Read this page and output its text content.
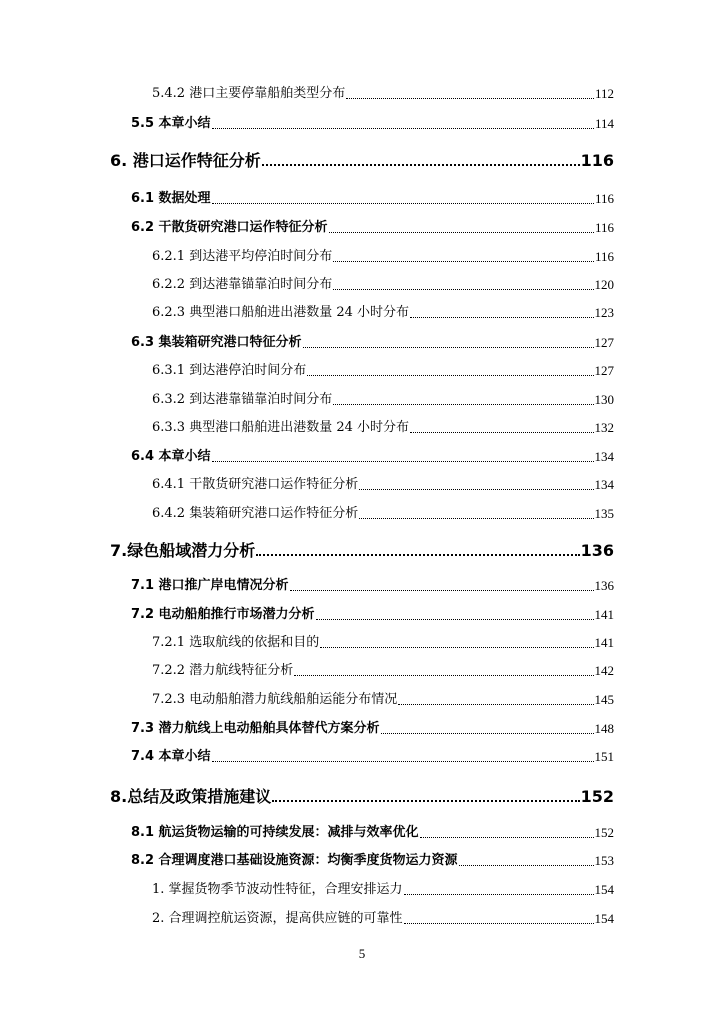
5.4.2 港口主要停靠船舶类型分布	112
5.5 本章小结	114
6. 港口运作特征分析	116
6.1 数据处理	116
6.2 干散货研究港口运作特征分析	116
6.2.1 到达港平均停泊时间分布	116
6.2.2 到达港靠锚靠泊时间分布	120
6.2.3 典型港口船舶进出港数量 24 小时分布	123
6.3 集装箱研究港口特征分析	127
6.3.1 到达港停泊时间分布	127
6.3.2 到达港靠锚靠泊时间分布	130
6.3.3 典型港口船舶进出港数量 24 小时分布	132
6.4 本章小结	134
6.4.1 干散货研究港口运作特征分析	134
6.4.2 集装箱研究港口运作特征分析	135
7.绿色船域潜力分析	136
7.1 港口推广岸电情况分析	136
7.2 电动船舶推行市场潜力分析	141
7.2.1 选取航线的依据和目的	141
7.2.2 潜力航线特征分析	142
7.2.3 电动船舶潜力航线船舶运能分布情况	145
7.3 潜力航线上电动船舶具体替代方案分析	148
7.4 本章小结	151
8.总结及政策措施建议	152
8.1 航运货物运输的可持续发展：减排与效率优化	152
8.2 合理调度港口基础设施资源：均衡季度货物运力资源	153
1. 掌握货物季节波动性特征，合理安排运力	154
2. 合理调控航运资源，提高供应链的可靠性	154
5
